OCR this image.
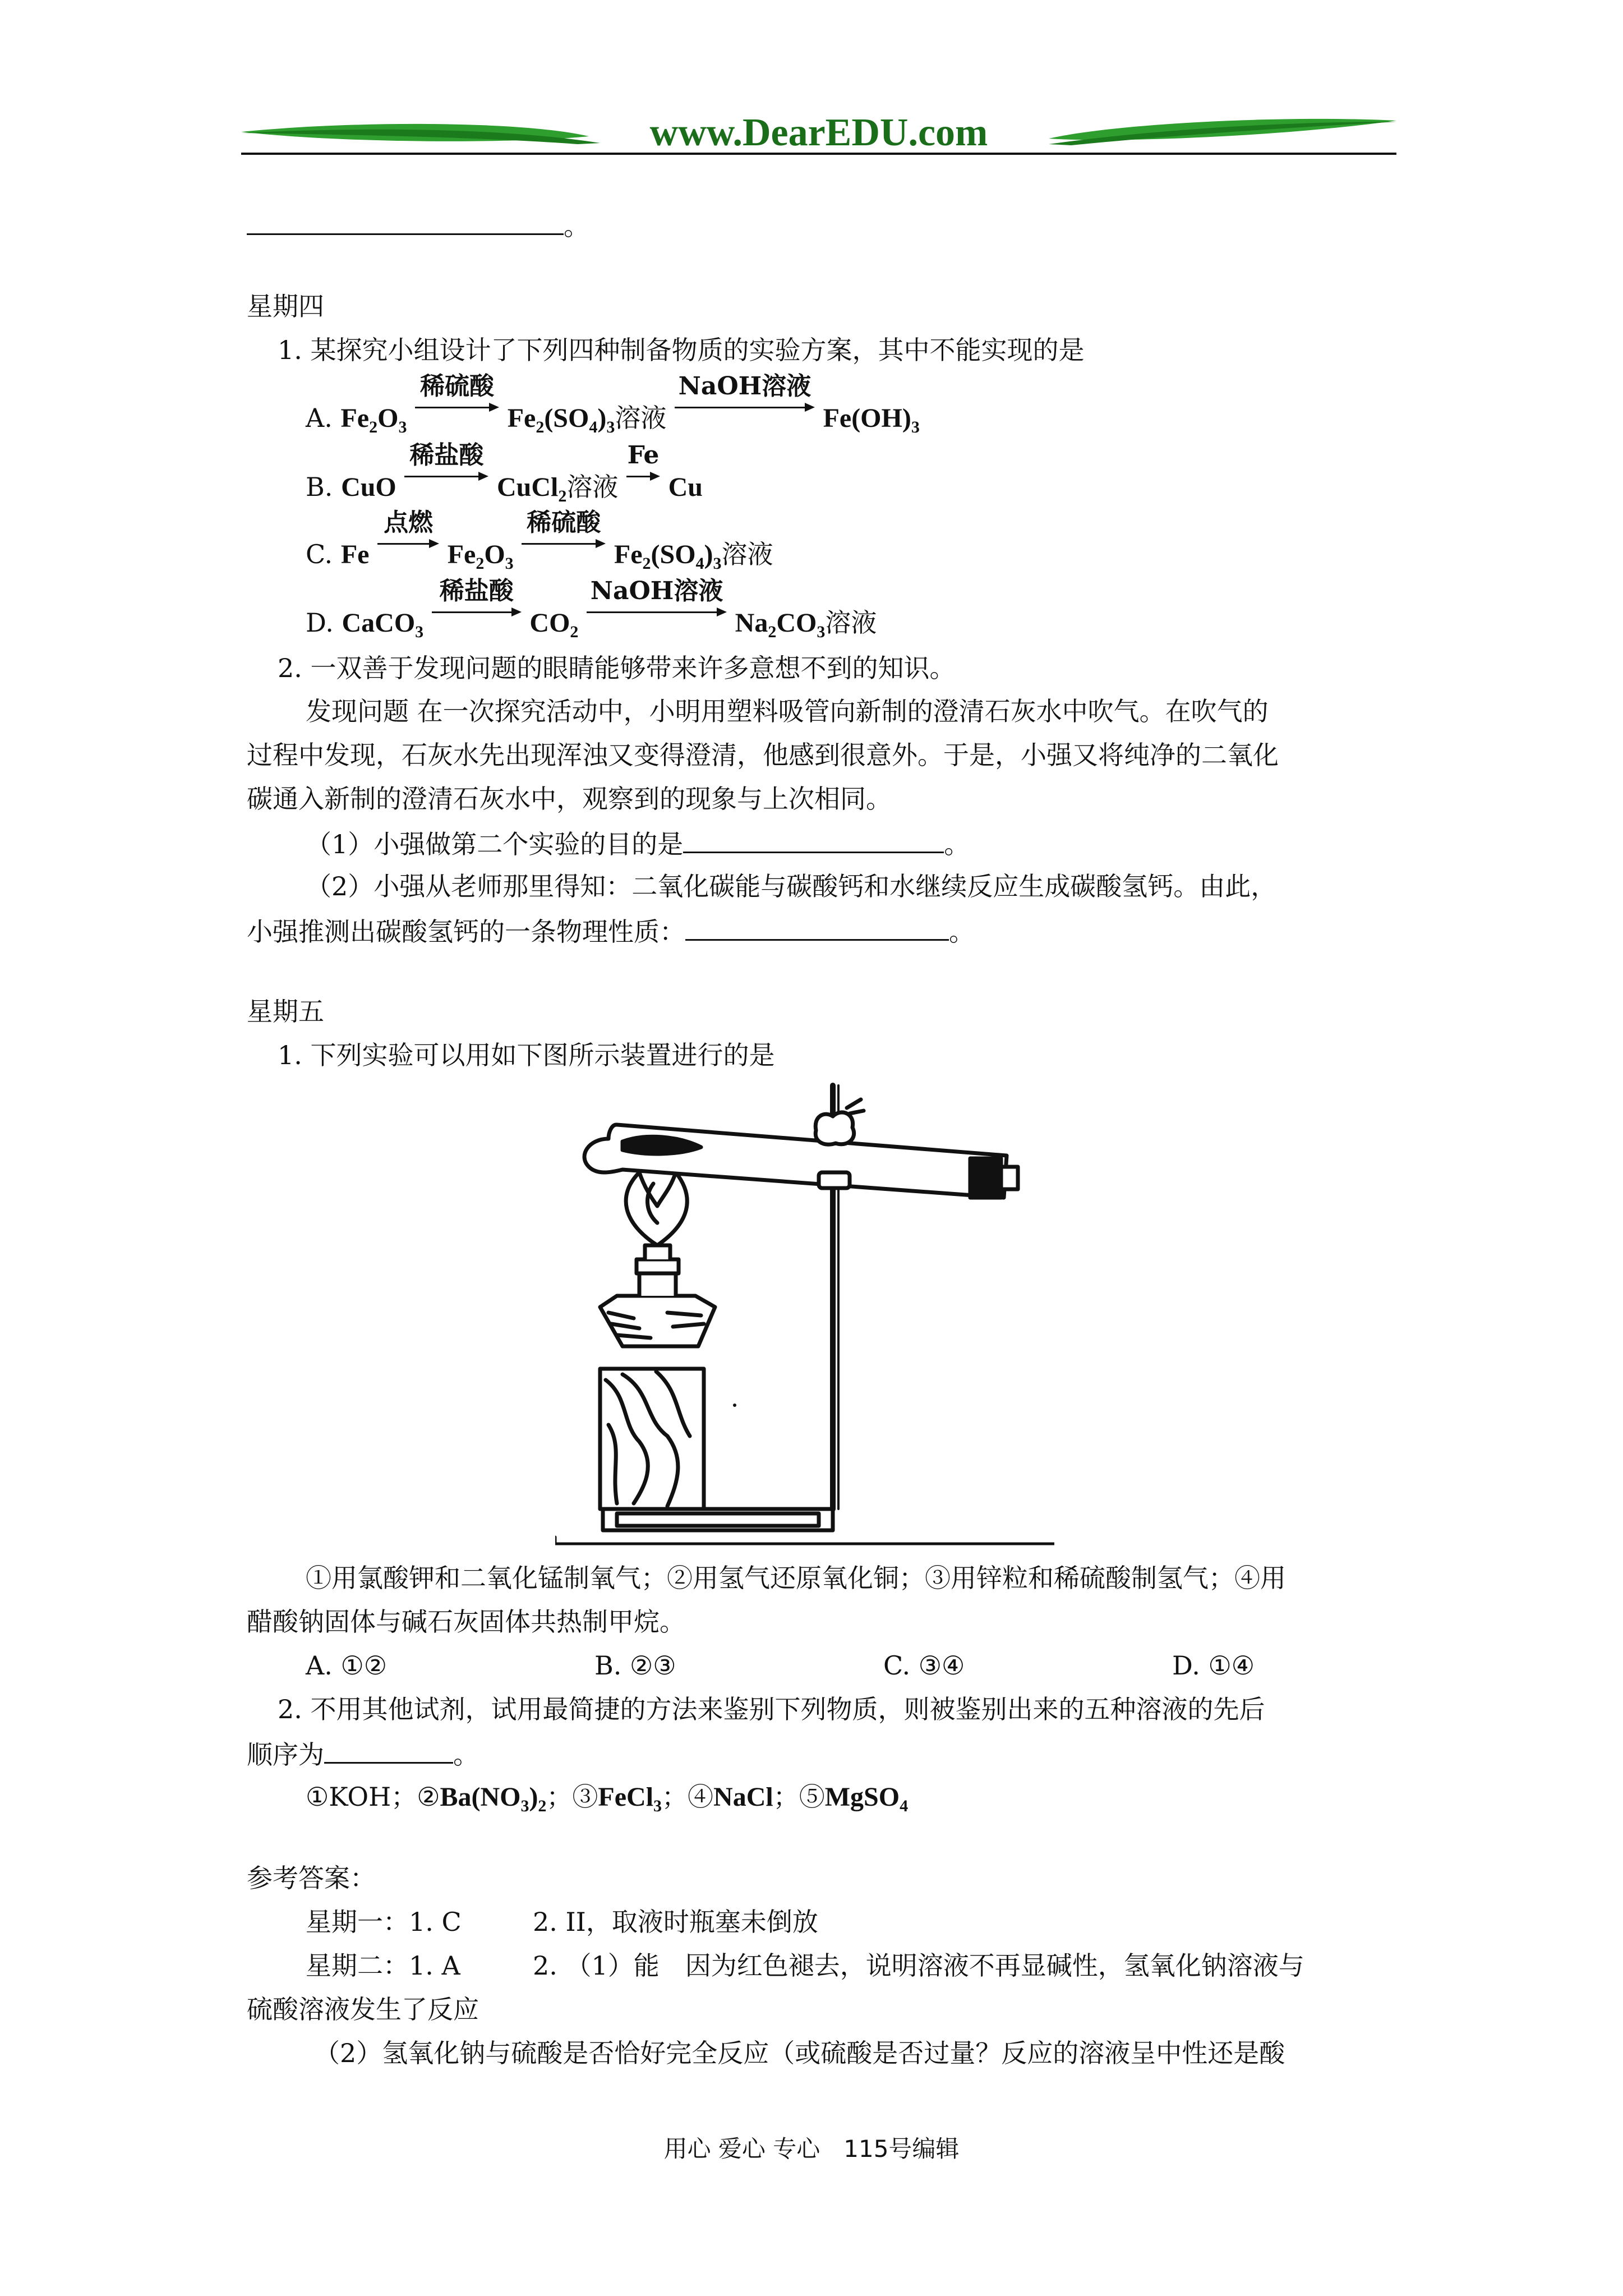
www.DearEDU.com
。
星期四
1. 某探究小组设计了下列四种制备物质的实验方案，其中不能实现的是
A. $Fe_2O_3$
稀硫酸
$Fe_2(SO_4)_3$溶液
NaOH溶液
$Fe(OH)_3$
B. CuO
稀盐酸
CuCl$_2$溶液
Fe
Cu
C. Fe
点燃
$Fe_2O_3$
稀硫酸
$Fe_2(SO_4)_3$溶液
D. CaCO$_3$
稀盐酸
$CO_2$
NaOH溶液
$Na_2CO_3$溶液
2. 一双善于发现问题的眼睛能够带来许多意想不到的知识。
发现问题 在一次探究活动中，小明用塑料吸管向新制的澄清石灰水中吹气。在吹气的
过程中发现，石灰水先出现浑浊又变得澄清，他感到很意外。于是，小强又将纯净的二氧化
碳通入新制的澄清石灰水中，观察到的现象与上次相同。
（1）小强做第二个实验的目的是	。
（2）小强从老师那里得知：二氧化碳能与碳酸钙和水继续反应生成碳酸氢钙。由此，
小强推测出碳酸氢钙的一条物理性质：	。
星期五
1. 下列实验可以用如下图所示装置进行的是
①用氯酸钾和二氧化锰制氧气；②用氢气还原氧化铜；③用锌粒和稀硫酸制氢气；④用
醋酸钠固体与碱石灰固体共热制甲烷。
A. ①②	B. ②③	C. ③④	D. ①④
2. 不用其他试剂，试用最简捷的方法来鉴别下列物质，则被鉴别出来的五种溶液的先后
顺序为	。
①KOH；$②Ba(NO_3)_2$；③FeCl$_3$；④NaCl；⑤MgSO$_4$
参考答案：
星期一：1. C	2. II，取液时瓶塞未倒放
星期二：1. A	2. （1）能　因为红色褪去，说明溶液不再显碱性，氢氧化钠溶液与
硫酸溶液发生了反应
（2）氢氧化钠与硫酸是否恰好完全反应（或硫酸是否过量？反应的溶液呈中性还是酸
用心 爱心 专心　115号编辑
